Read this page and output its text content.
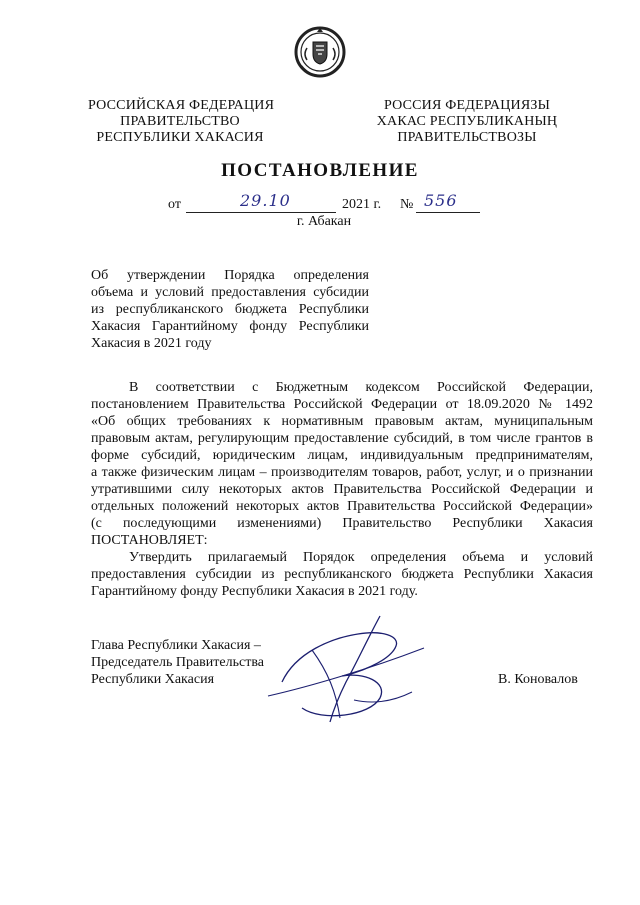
РОССИЙСКАЯ ФЕДЕРАЦИЯ
ПРАВИТЕЛЬСТВО
РЕСПУБЛИКИ ХАКАСИЯ
РОССИЯ ФЕДЕРАЦИЯЗЫ
ХАКАС РЕСПУБЛИКАНЫҢ
ПРАВИТЕЛЬСТВОЗЫ
ПОСТАНОВЛЕНИЕ
от	29.10	2021 г. № 556
г. Абакан
Об утверждении Порядка определения
объема и условий предоставления субсидии
из республиканского бюджета Республики
Хакасия Гарантийному фонду Республики
Хакасия в 2021 году
В соответствии с Бюджетным кодексом Российской Федерации,
постановлением Правительства Российской Федерации от 18.09.2020 № 1492
«Об общих требованиях к нормативным правовым актам, муниципальным
правовым актам, регулирующим предоставление субсидий, в том числе грантов в
форме субсидий, юридическим лицам, индивидуальным предпринимателям,
а также физическим лицам – производителям товаров, работ, услуг, и о признании
утратившими силу некоторых актов Правительства Российской Федерации и
отдельных положений некоторых актов Правительства Российской Федерации»
(с последующими изменениями) Правительство Республики Хакасия
ПОСТАНОВЛЯЕТ:
Утвердить прилагаемый Порядок определения объема и условий
предоставления субсидии из республиканского бюджета Республики Хакасия
Гарантийному фонду Республики Хакасия в 2021 году.
Глава Республики Хакасия –
Председатель Правительства
Республики Хакасия	В. Коновалов
